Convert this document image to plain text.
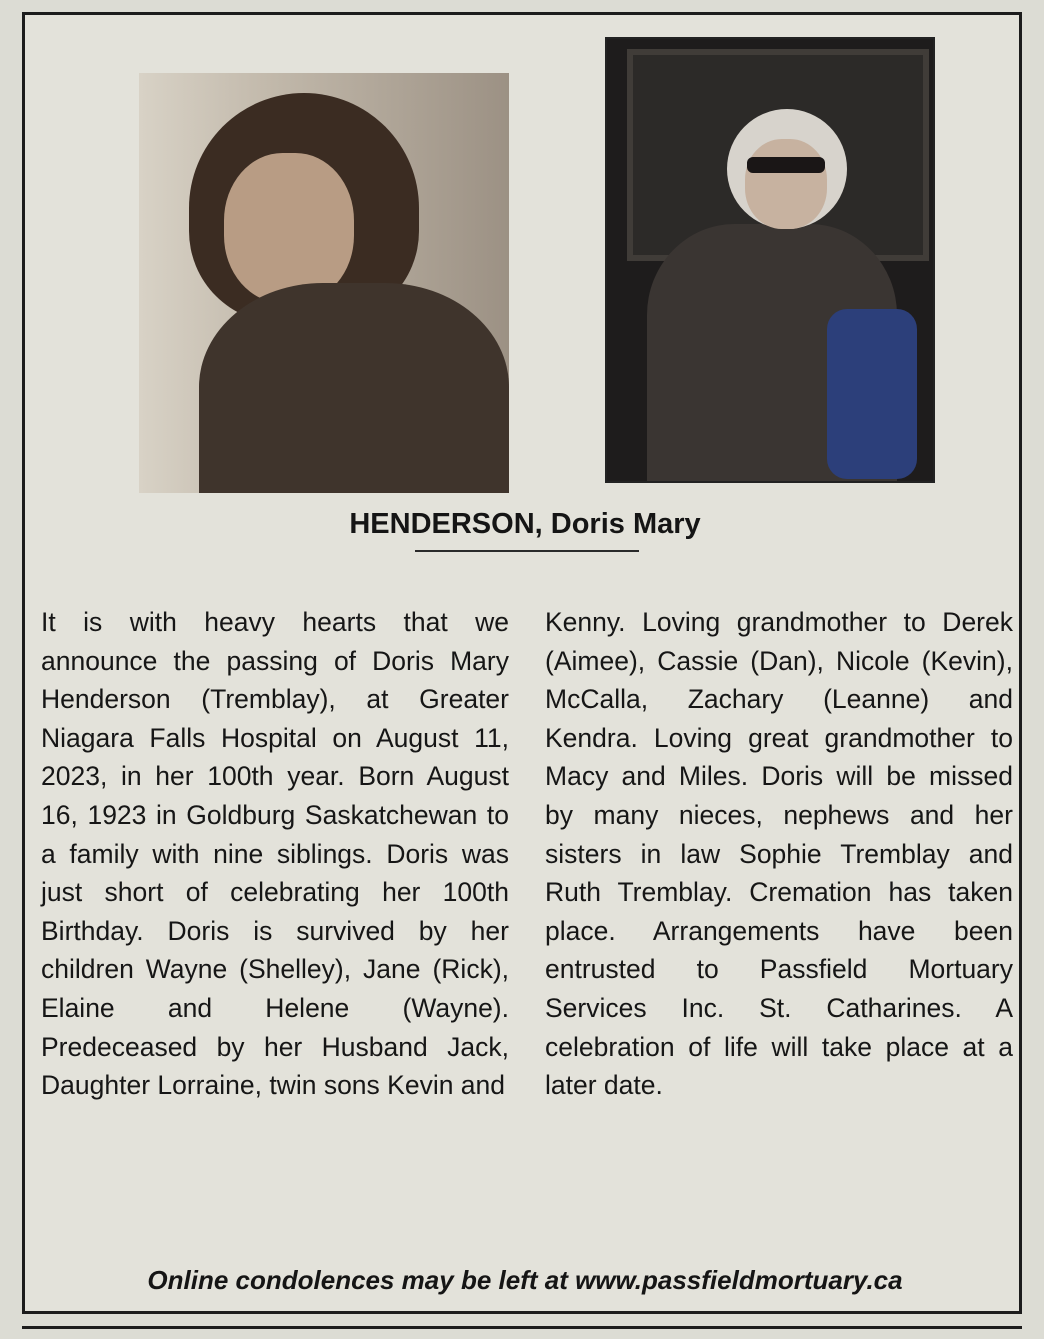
HENDERSON, Doris Mary
It is with heavy hearts that we announce the passing of Doris Mary Henderson (Tremblay), at Greater Niagara Falls Hospital on August 11, 2023, in her 100th year. Born August 16, 1923 in Goldburg Saskatchewan to a family with nine siblings. Doris was just short of celebrating her 100th Birthday. Doris is survived by her children Wayne (Shelley), Jane (Rick), Elaine and Helene (Wayne). Predeceased by her Husband Jack, Daughter Lorraine, twin sons Kevin and
Kenny. Loving grandmother to Derek (Aimee), Cassie (Dan), Nicole (Kevin), McCalla, Zachary (Leanne) and Kendra. Loving great grandmother to Macy and Miles. Doris will be missed by many nieces, nephews and her sisters in law Sophie Tremblay and Ruth Tremblay. Cremation has taken place. Arrangements have been entrusted to Passfield Mortuary Services Inc. St. Catharines. A celebration of life will take place at a later date.
Online condolences may be left at www.passfieldmortuary.ca
